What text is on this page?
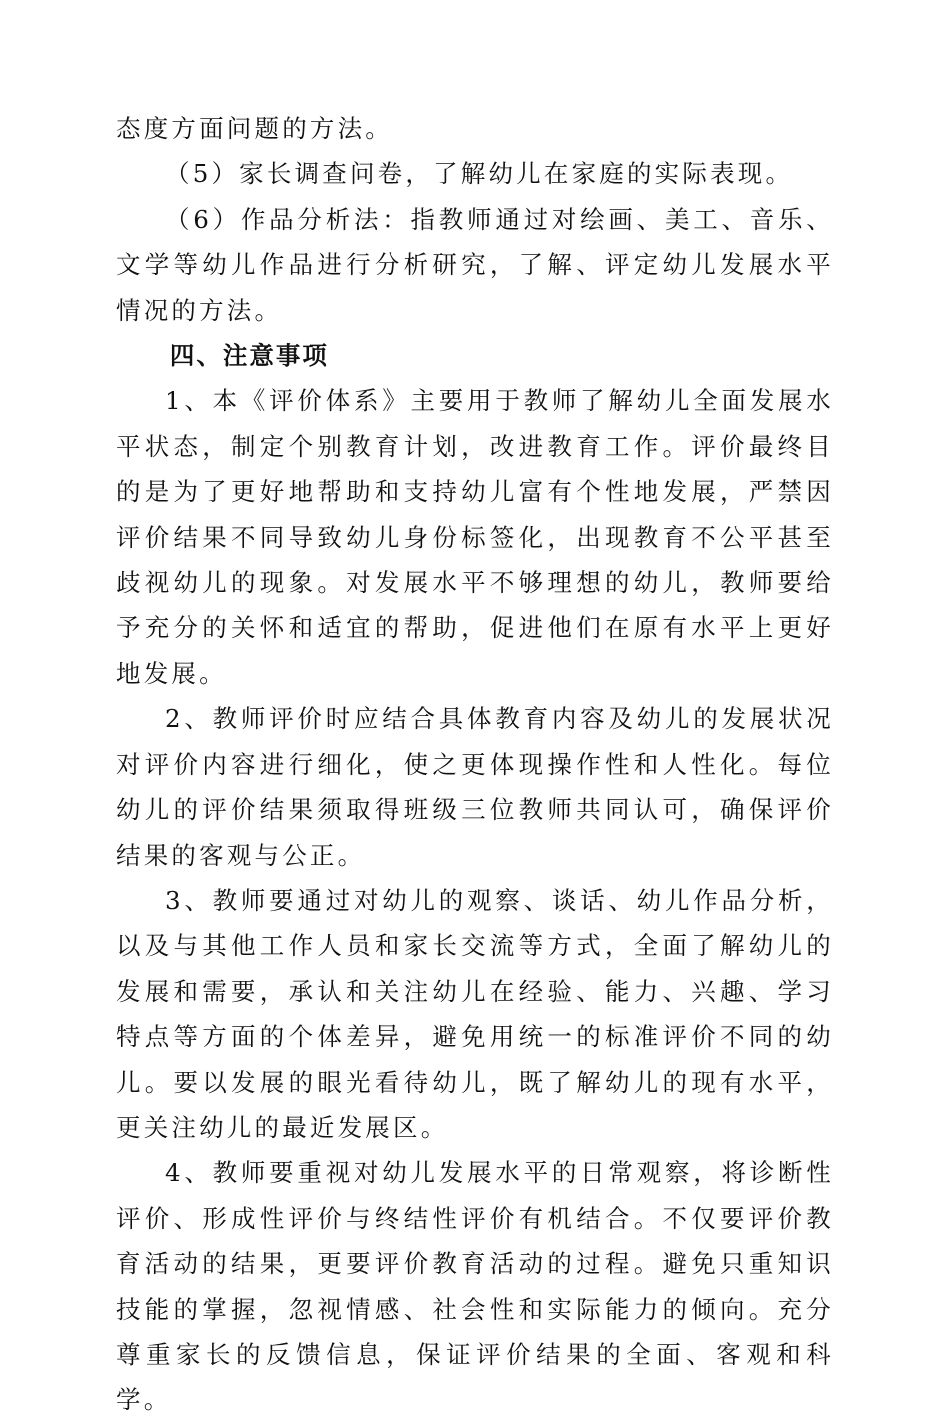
态度方面问题的方法。

（5）家长调查问卷，了解幼儿在家庭的实际表现。

（6）作品分析法：指教师通过对绘画、美工、音乐、文学等幼儿作品进行分析研究，了解、评定幼儿发展水平情况的方法。

四、注意事项

1、本《评价体系》主要用于教师了解幼儿全面发展水平状态，制定个别教育计划，改进教育工作。评价最终目的是为了更好地帮助和支持幼儿富有个性地发展，严禁因评价结果不同导致幼儿身份标签化，出现教育不公平甚至歧视幼儿的现象。对发展水平不够理想的幼儿，教师要给予充分的关怀和适宜的帮助，促进他们在原有水平上更好地发展。

2、教师评价时应结合具体教育内容及幼儿的发展状况对评价内容进行细化，使之更体现操作性和人性化。每位幼儿的评价结果须取得班级三位教师共同认可，确保评价结果的客观与公正。

3、教师要通过对幼儿的观察、谈话、幼儿作品分析，以及与其他工作人员和家长交流等方式，全面了解幼儿的发展和需要，承认和关注幼儿在经验、能力、兴趣、学习特点等方面的个体差异，避免用统一的标准评价不同的幼儿。要以发展的眼光看待幼儿，既了解幼儿的现有水平，更关注幼儿的最近发展区。

4、教师要重视对幼儿发展水平的日常观察，将诊断性评价、形成性评价与终结性评价有机结合。不仅要评价教育活动的结果，更要评价教育活动的过程。避免只重知识技能的掌握，忽视情感、社会性和实际能力的倾向。充分尊重家长的反馈信息，保证评价结果的全面、客观和科学。
